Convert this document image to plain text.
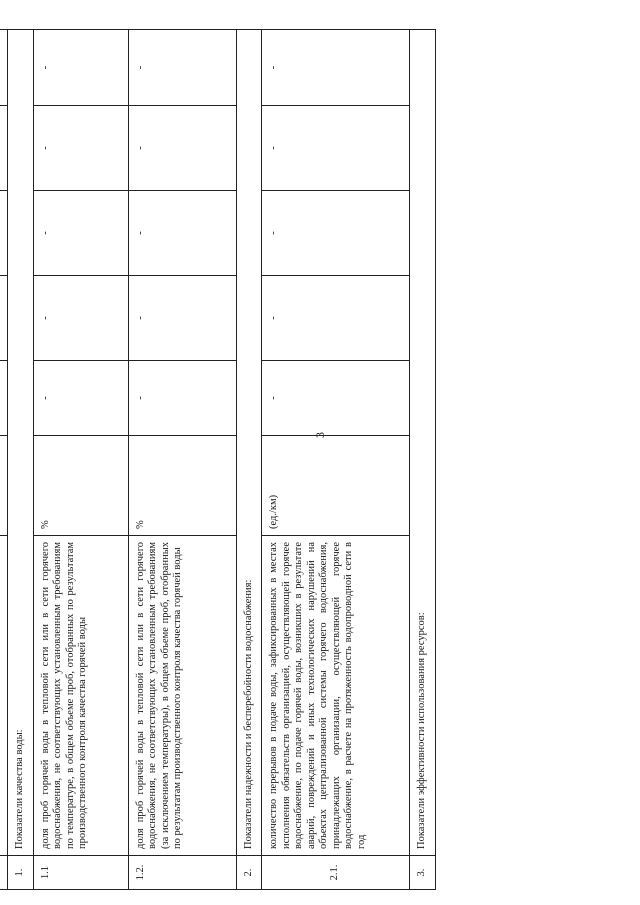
3

1.	Показатели качества воды:						
1.1	доля проб горячей воды в тепловой сети или в сети горячего водоснабжения, не соответствующих установленным требованиям по температуре, в общем объеме проб, отобранных по результатам производственного контроля качества горячей воды	%	-	-	-	-	-
1.2.	доля проб горячей воды в тепловой сети или в сети горячего водоснабжения, не соответствующих установленным требованиям (за исключением температуры), в общем объеме проб, отобранных по результатам производственного контроля качества горячей воды	%	-	-	-	-	-
2.	Показатели надежности и бесперебойности водоснабжения:						
2.1.	количество перерывов в подаче воды, зафиксированных в местах исполнения обязательств организацией, осуществляющей горячее водоснабжение, по подаче горячей воды, возникших в результате аварий, повреждений и иных технологических нарушений на объектах централизованной системы горячего водоснабжения, принадлежащих организации, осуществляющей горячее водоснабжение, в расчете на протяженность водопроводной сети в год	(ед./км)	-	-	-	-	-
3.	Показатели эффективности использования ресурсов:						
